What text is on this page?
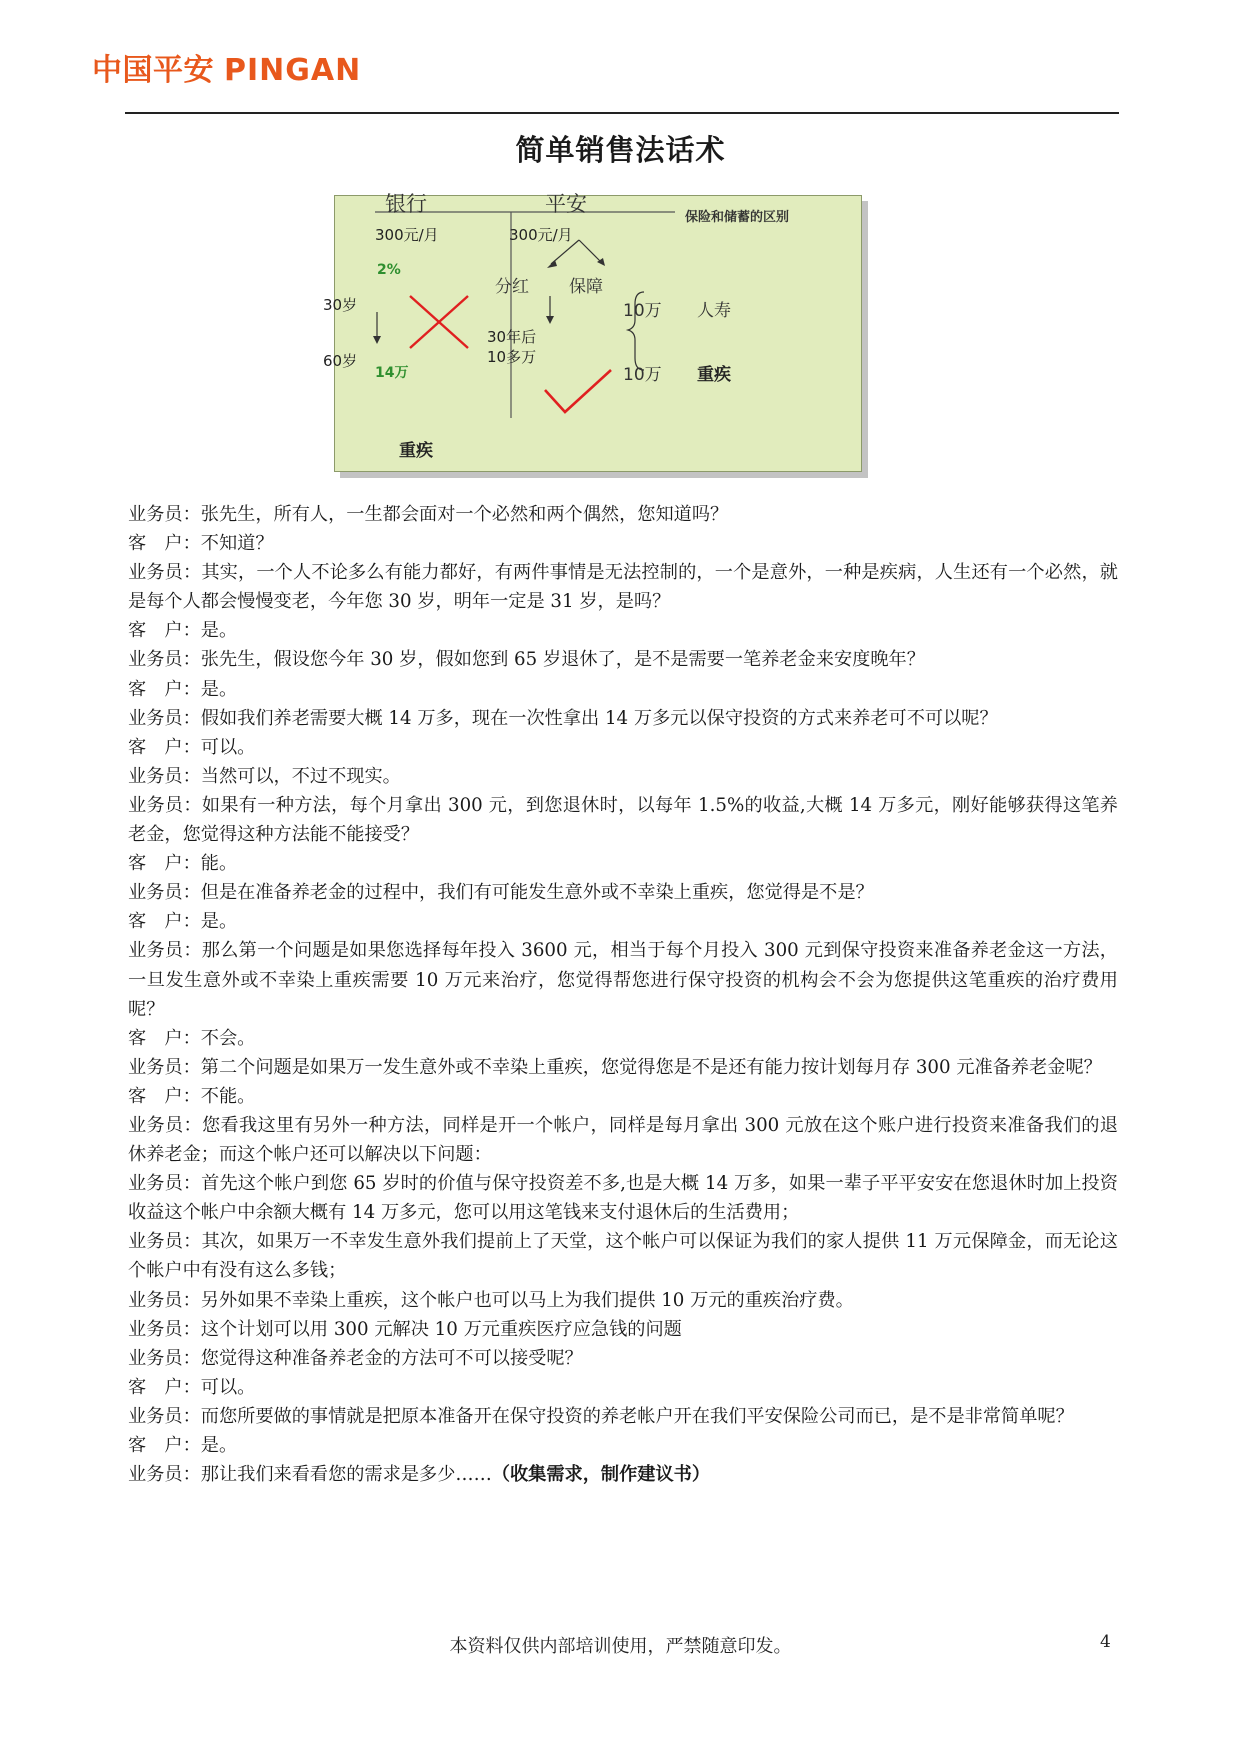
中国平安 PINGAN
简单销售法话术
保险和储蓄的区别
银行	平安
300元/月
2%
30岁
60岁
14万
重疾
300元/月
分红 保障
30年后
10多万
10万 人寿
10万 重疾
业务员：张先生，所有人，一生都会面对一个必然和两个偶然，您知道吗？
客　户：不知道？
业务员：其实，一个人不论多么有能力都好，有两件事情是无法控制的，一个是意外，一种是疾病，人生还有一个必然，就是每个人都会慢慢变老，今年您 30 岁，明年一定是 31 岁，是吗？
客　户：是。
业务员：张先生，假设您今年 30 岁，假如您到 65 岁退休了，是不是需要一笔养老金来安度晚年？
客　户：是。
业务员：假如我们养老需要大概 14 万多，现在一次性拿出 14 万多元以保守投资的方式来养老可不可以呢？
客　户：可以。
业务员：当然可以，不过不现实。
业务员：如果有一种方法，每个月拿出 300 元，到您退休时，以每年 1.5%的收益,大概 14 万多元，刚好能够获得这笔养老金，您觉得这种方法能不能接受？
客　户：能。
业务员：但是在准备养老金的过程中，我们有可能发生意外或不幸染上重疾，您觉得是不是？
客　户：是。
业务员：那么第一个问题是如果您选择每年投入 3600 元，相当于每个月投入 300 元到保守投资来准备养老金这一方法，一旦发生意外或不幸染上重疾需要 10 万元来治疗，您觉得帮您进行保守投资的机构会不会为您提供这笔重疾的治疗费用呢？
客　户：不会。
业务员：第二个问题是如果万一发生意外或不幸染上重疾，您觉得您是不是还有能力按计划每月存 300 元准备养老金呢？
客　户：不能。
业务员：您看我这里有另外一种方法，同样是开一个帐户，同样是每月拿出 300 元放在这个账户进行投资来准备我们的退休养老金；而这个帐户还可以解决以下问题：
业务员：首先这个帐户到您 65 岁时的价值与保守投资差不多,也是大概 14 万多，如果一辈子平平安安在您退休时加上投资收益这个帐户中余额大概有 14 万多元，您可以用这笔钱来支付退休后的生活费用；
业务员：其次，如果万一不幸发生意外我们提前上了天堂，这个帐户可以保证为我们的家人提供 11 万元保障金，而无论这个帐户中有没有这么多钱；
业务员：另外如果不幸染上重疾，这个帐户也可以马上为我们提供 10 万元的重疾治疗费。
业务员：这个计划可以用 300 元解决 10 万元重疾医疗应急钱的问题
业务员：您觉得这种准备养老金的方法可不可以接受呢？
客　户：可以。
业务员：而您所要做的事情就是把原本准备开在保守投资的养老帐户开在我们平安保险公司而已，是不是非常简单呢？
客　户：是。
业务员：那让我们来看看您的需求是多少……（收集需求，制作建议书）
本资料仅供内部培训使用，严禁随意印发。	4
